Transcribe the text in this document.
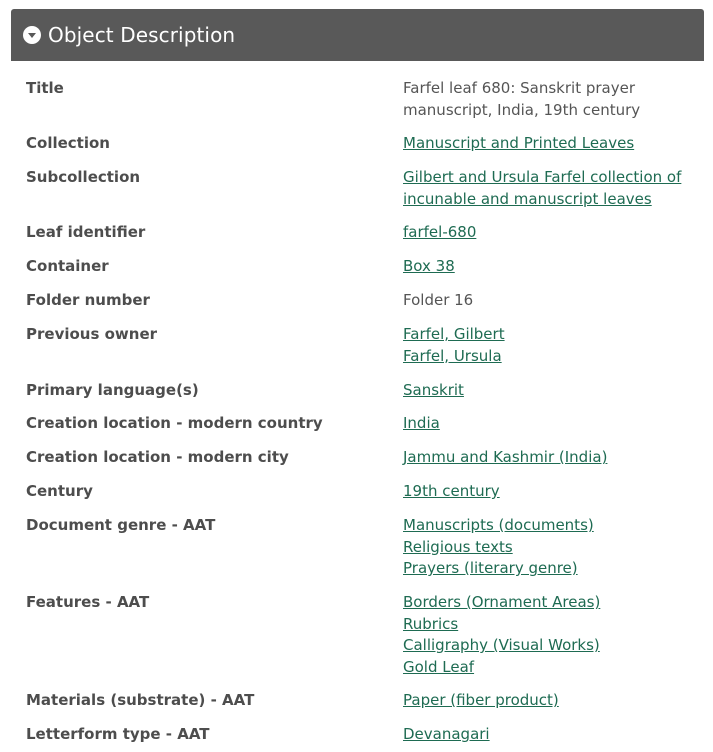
Object Description
Title	Farfel leaf 680: Sanskrit prayer manuscript, India, 19th century
Collection	Manuscript and Printed Leaves
Subcollection	Gilbert and Ursula Farfel collection of incunable and manuscript leaves
Leaf identifier	farfel-680
Container	Box 38
Folder number	Folder 16
Previous owner	Farfel, Gilbert
Farfel, Ursula
Primary language(s)	Sanskrit
Creation location - modern country	India
Creation location - modern city	Jammu and Kashmir (India)
Century	19th century
Document genre - AAT	Manuscripts (documents)
Religious texts
Prayers (literary genre)
Features - AAT	Borders (Ornament Areas)
Rubrics
Calligraphy (Visual Works)
Gold Leaf
Materials (substrate) - AAT	Paper (fiber product)
Letterform type - AAT	Devanagari
